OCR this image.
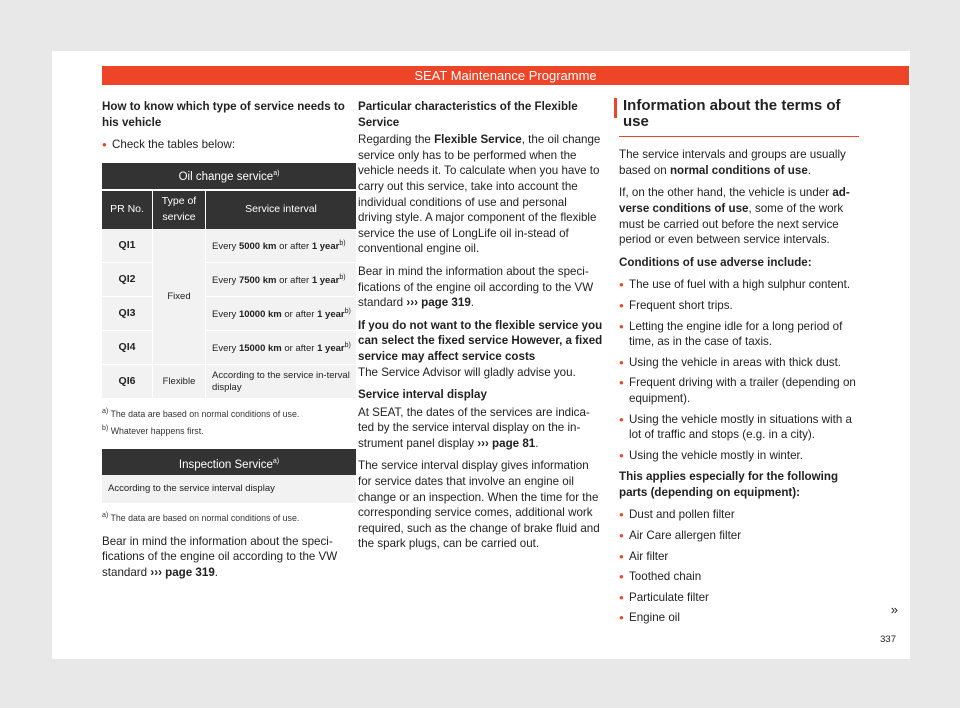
SEAT Maintenance Programme

How to know which type of service needs to his vehicle

● Check the tables below:
Oil change service$^{a)}$
PR No.	Type of service	Service interval
QI1	Fixed	Every 5000 km or after 1 year$^{b)}$
QI2		Every 7500 km or after 1 year$^{b)}$
QI3		Every 10000 km or after 1 year$^{b)}$
QI4		Every 15000 km or after 1 year$^{b)}$
QI6	Flexible	According to the service in-terval display
$^{a)}$ The data are based on normal conditions of use.
$^{b)}$ Whatever happens first.
Inspection Service$^{a)}$
According to the service interval display
$^{a)}$ The data are based on normal conditions of use.

Bear in mind the information about the speci-fications of the engine oil according to the VW standard ››› page 319.

Particular characteristics of the Flexible Service

Regarding the Flexible Service, the oil change service only has to be performed when the vehicle needs it. To calculate when you have to carry out this service, take into account the individual conditions of use and personal driving style. A major component of the flexible service the use of LongLife oil in-stead of conventional engine oil.

Bear in mind the information about the speci-fications of the engine oil according to the VW standard ››› page 319.

If you do not want to the flexible service you can select the fixed service However, a fixed service may affect service costs
The Service Advisor will gladly advise you.

Service interval display

At SEAT, the dates of the services are indica-ted by the service interval display on the in-strument panel display ››› page 81.

The service interval display gives information for service dates that involve an engine oil change or an inspection. When the time for the corresponding service comes, additional work required, such as the change of brake fluid and the spark plugs, can be carried out.

Information about the terms of use

The service intervals and groups are usually based on normal conditions of use.

If, on the other hand, the vehicle is under ad-verse conditions of use, some of the work must be carried out before the next service period or even between service intervals.

Conditions of use adverse include:

● The use of fuel with a high sulphur content.
● Frequent short trips.
● Letting the engine idle for a long period of time, as in the case of taxis.
● Using the vehicle in areas with thick dust.
● Frequent driving with a trailer (depending on equipment).
● Using the vehicle mostly in situations with a lot of traffic and stops (e.g. in a city).
● Using the vehicle mostly in winter.

This applies especially for the following parts (depending on equipment):

● Dust and pollen filter
● Air Care allergen filter
● Air filter
● Toothed chain
● Particulate filter
● Engine oil
»
337
